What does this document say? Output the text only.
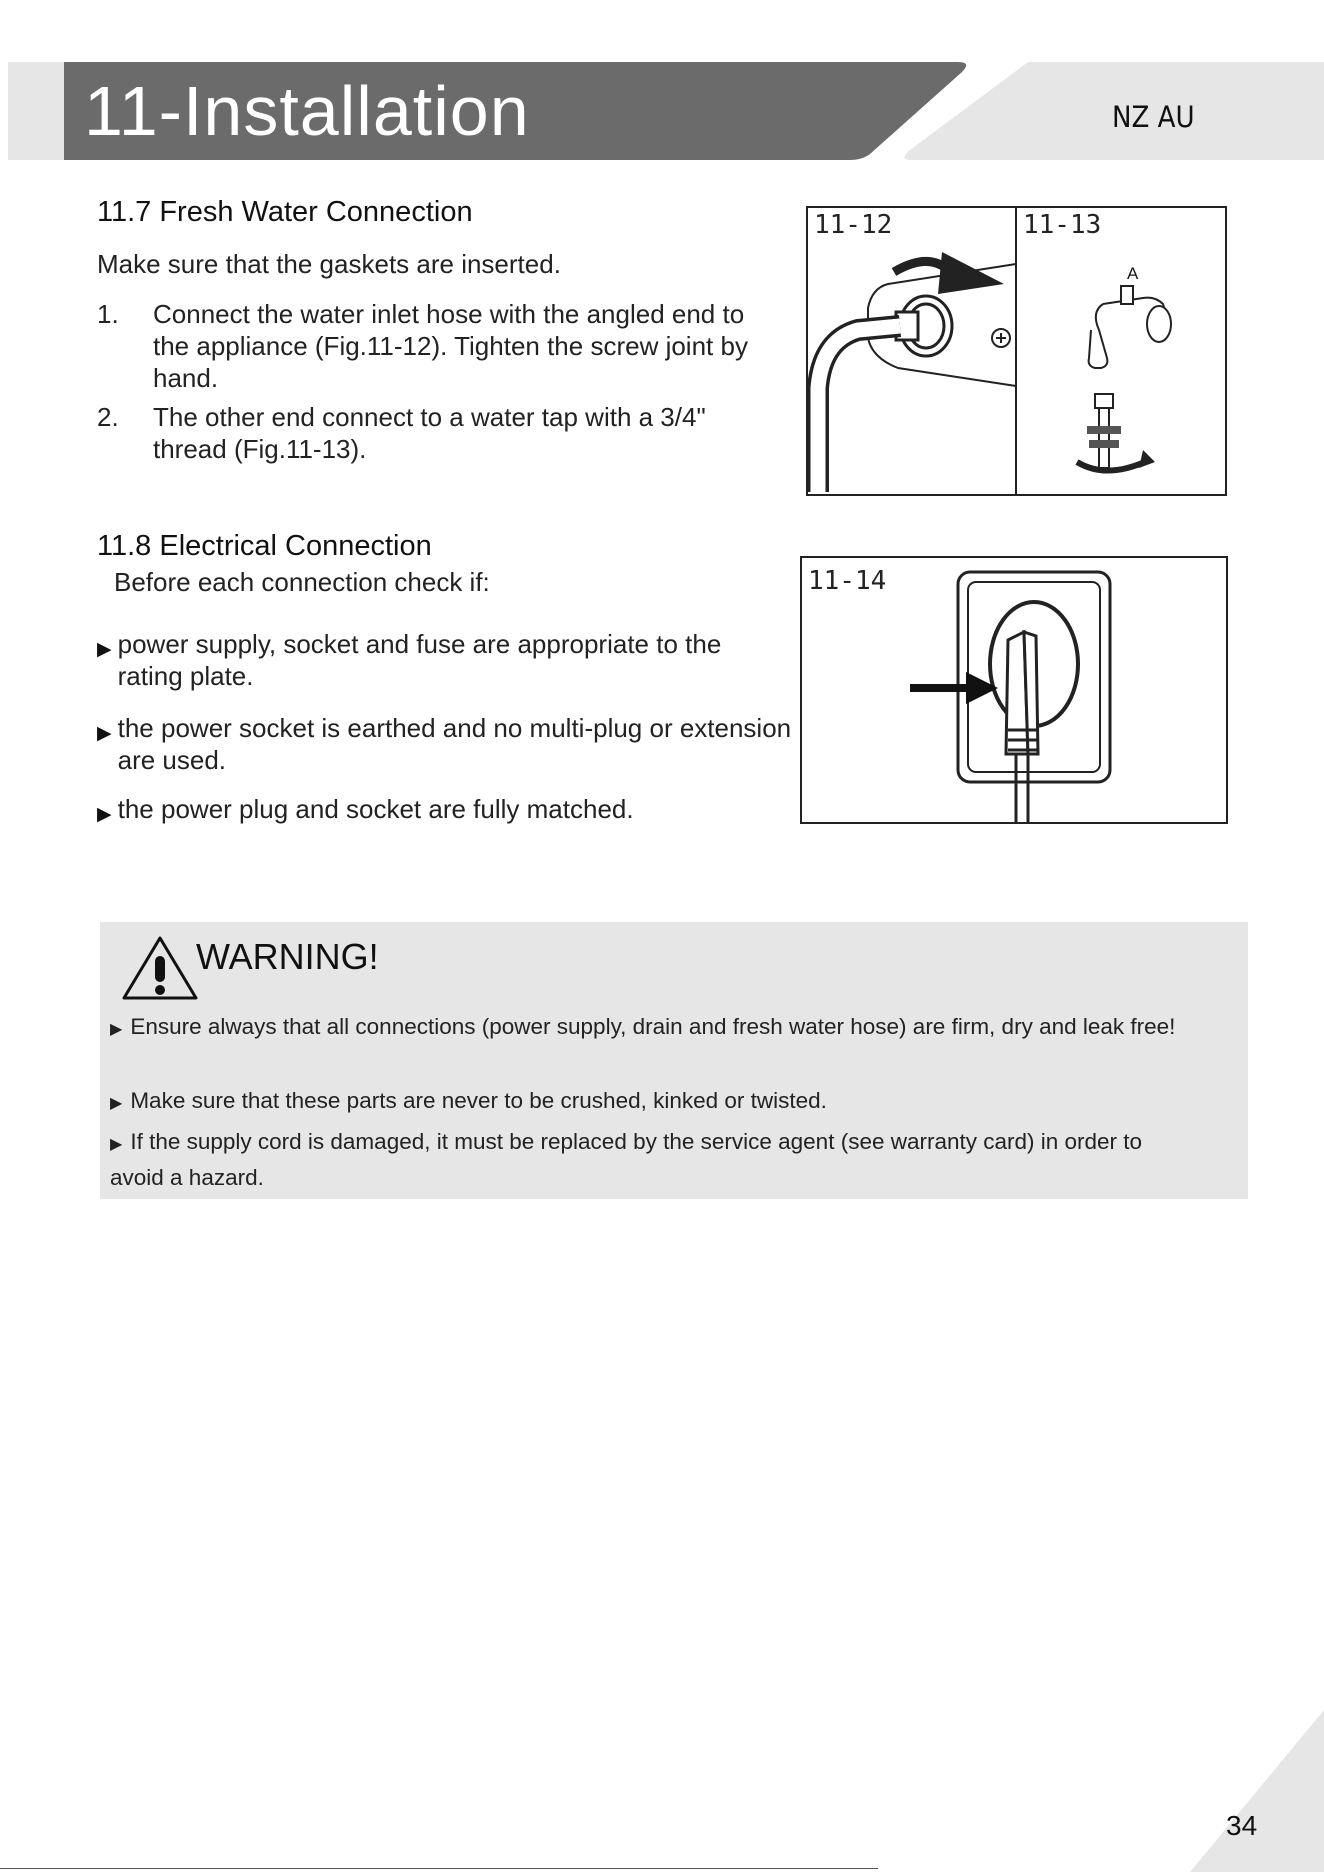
11-Installation	NZ AU
11.7 Fresh Water Connection
Make sure that the gaskets are inserted.
1.	Connect the water inlet hose with the angled end to the appliance (Fig.11-12). Tighten the screw joint by hand.
2.	The other end connect to a water tap with a 3/4" thread (Fig.11-13).
11.8 Electrical Connection
Before each connection check if:
▶ power supply, socket and fuse are appropriate to the rating plate.
▶ the power socket is earthed and no multi-plug or extension are used.
▶ the power plug and socket are fully matched.
11-12	11-13
A
11-14
WARNING!
▶ Ensure always that all connections (power supply, drain and fresh water hose) are firm, dry and leak free!
▶ Make sure that these parts are never to be crushed, kinked or twisted.
▶ If the supply cord is damaged, it must be replaced by the service agent (see warranty card) in order to avoid a hazard.
34
